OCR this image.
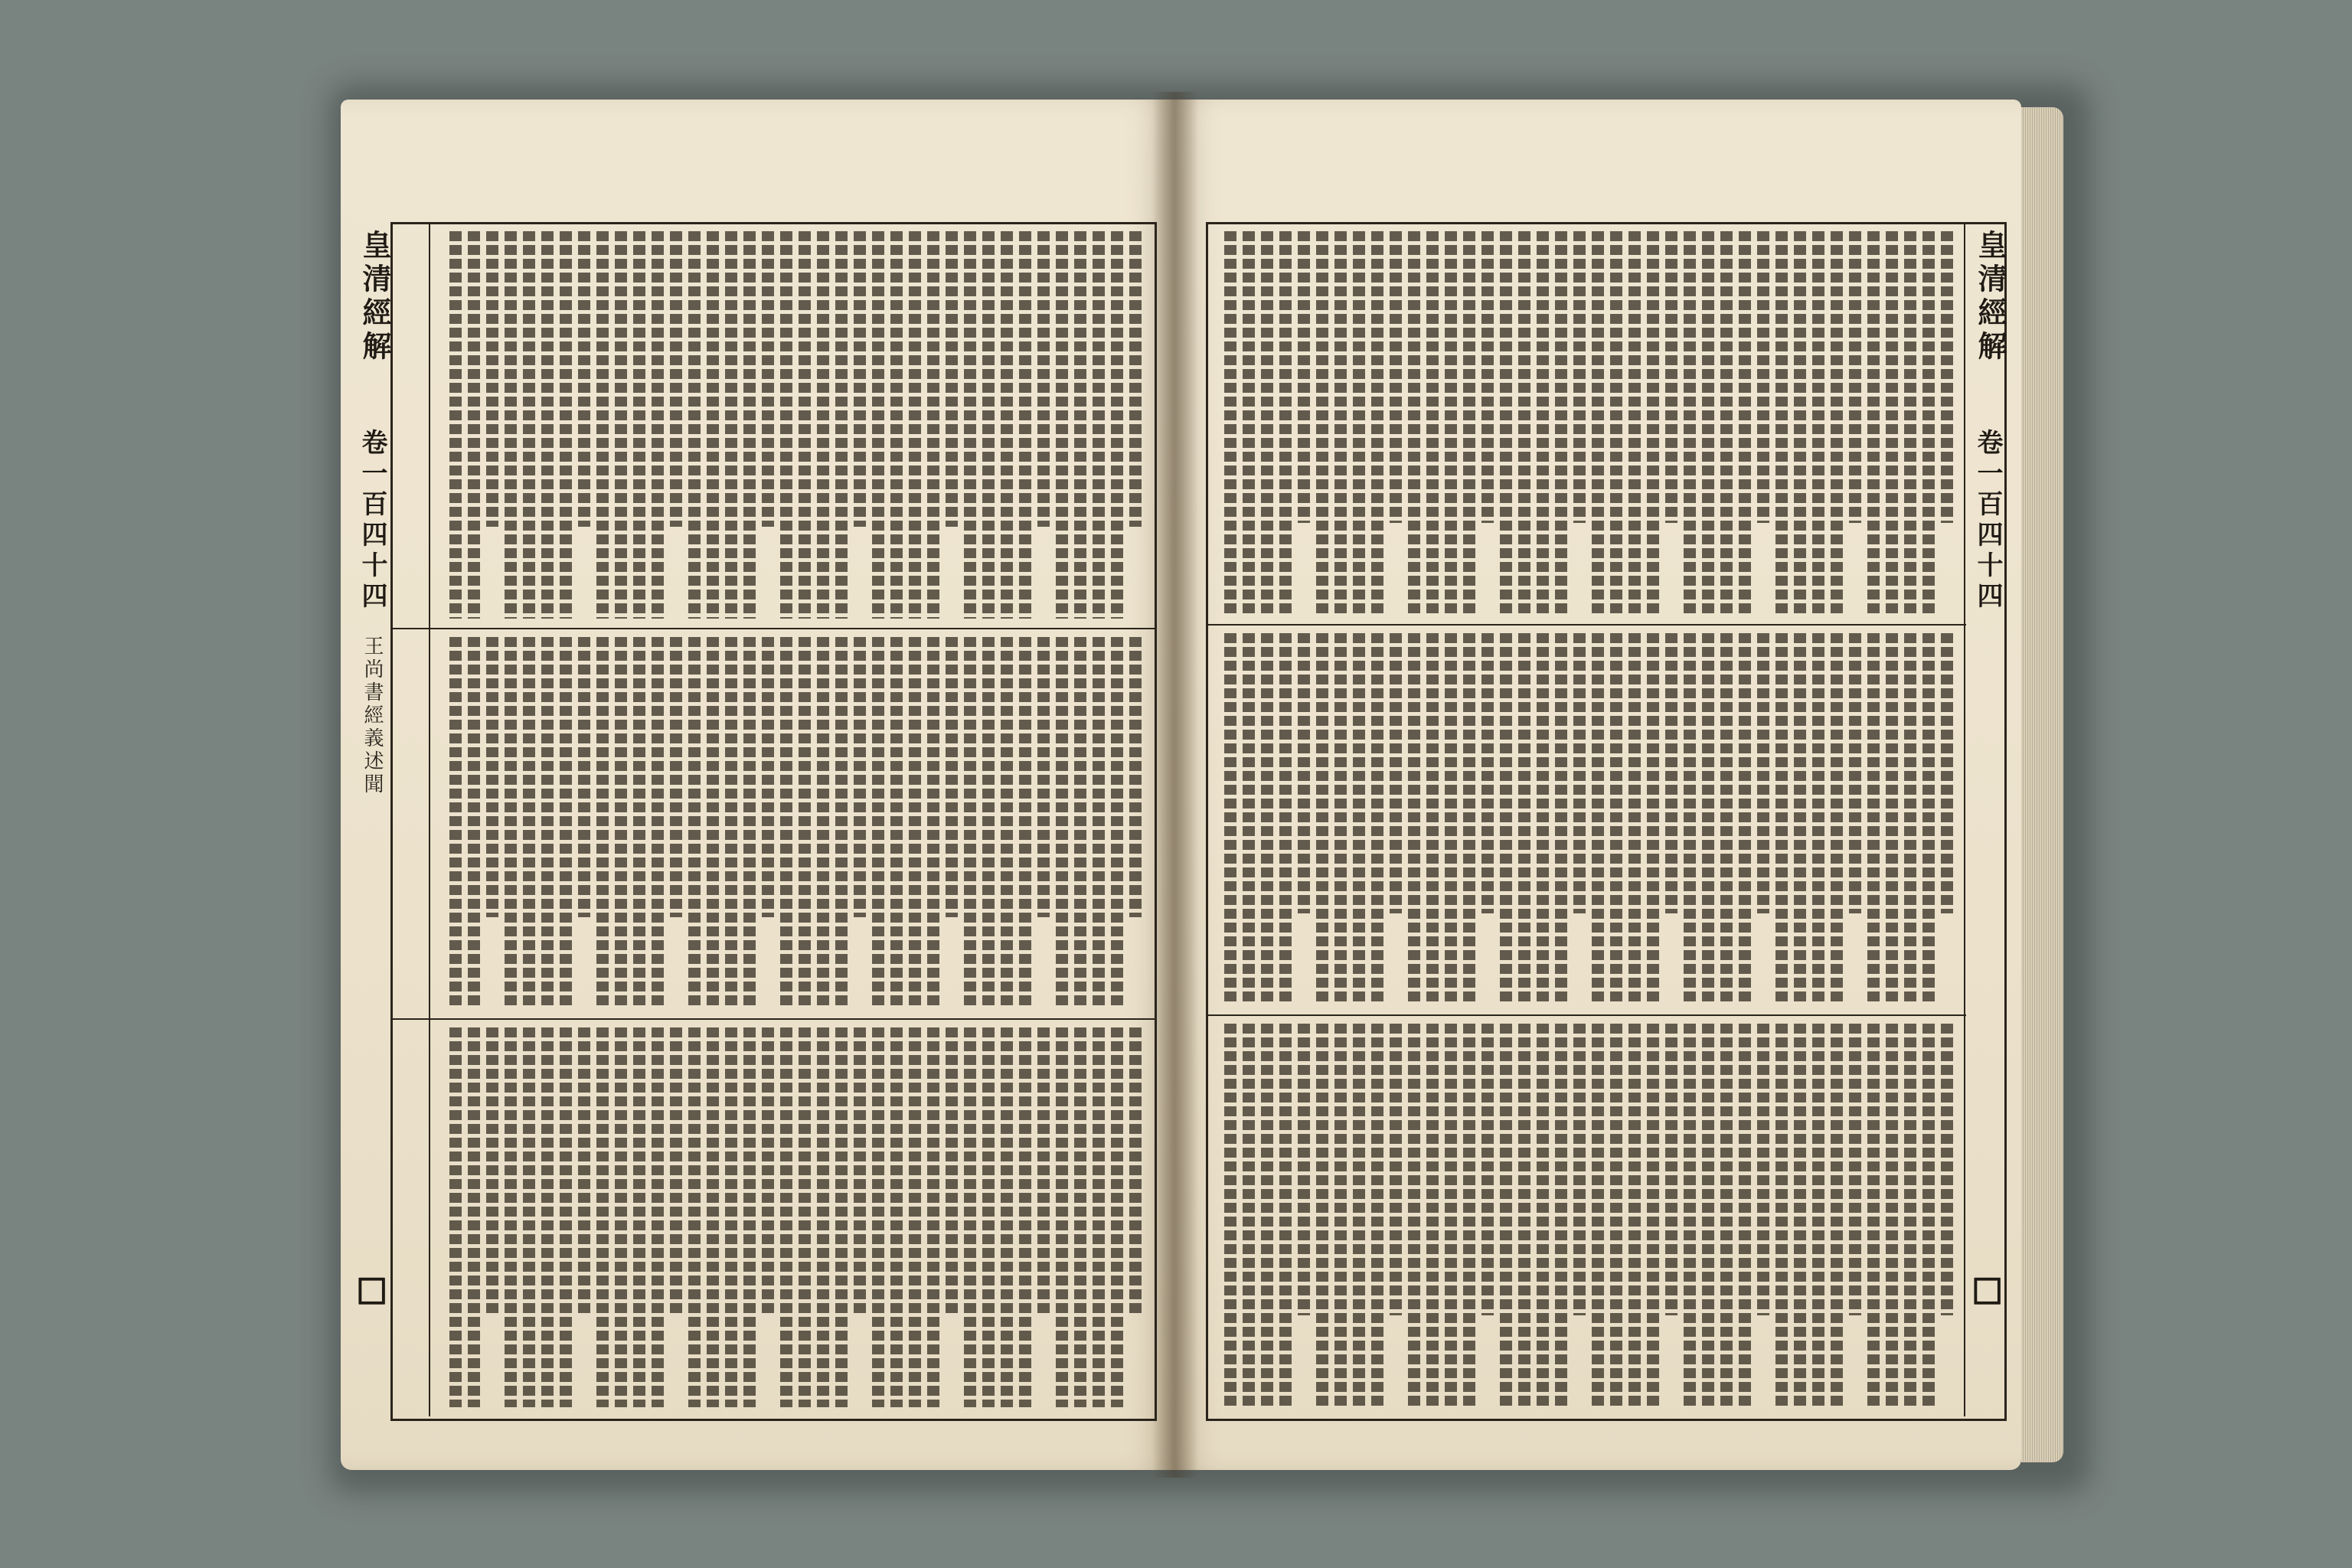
皇清經解
卷一百四十四
王尚書經義述聞
☐
皇清經解
卷一百四十四
☐
